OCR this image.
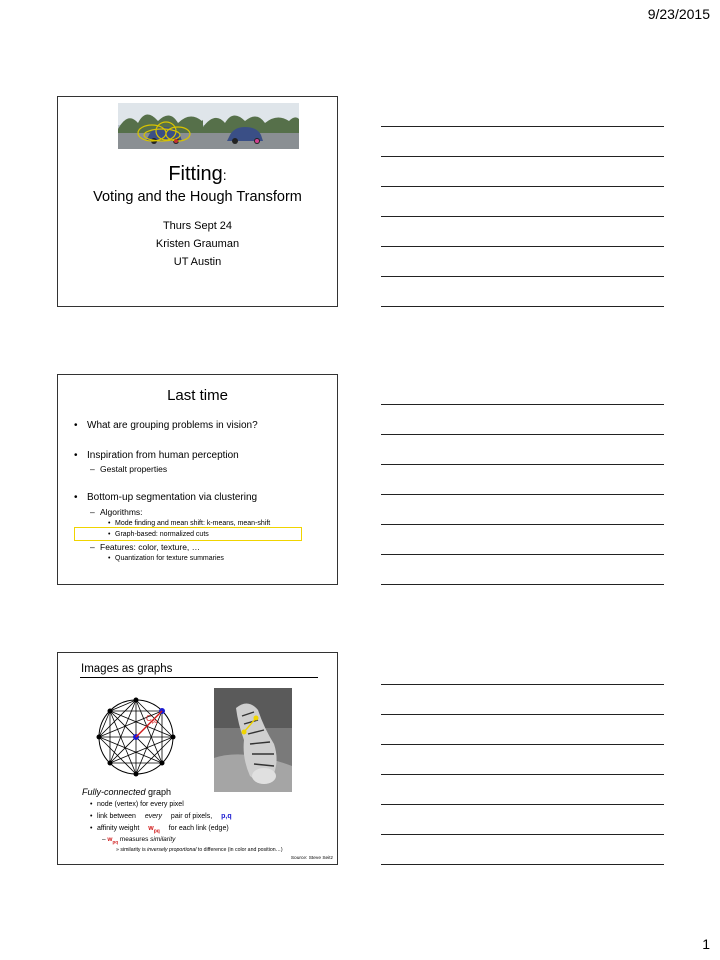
9/23/2015
Fitting:
Voting and the Hough Transform
Thurs Sept 24
Kristen Grauman
UT Austin
Last time
• What are grouping problems in vision?
• Inspiration from human perception
– Gestalt properties
• Bottom-up segmentation via clustering
– Algorithms:
• Mode finding and mean shift: k-means, mean-shift
• Graph-based: normalized cuts
– Features: color, texture, …
• Quantization for texture summaries
Images as graphs
$C_{pq}$
Fully-connected graph
• node (vertex) for every pixel
• link between every pair of pixels, p,q
• affinity weight $w_{pq}$ for each link (edge)
– $w_{pq}$ measures similarity
» similarity is inversely proportional to difference (in color and position…)
Source: Steve Seitz
1
